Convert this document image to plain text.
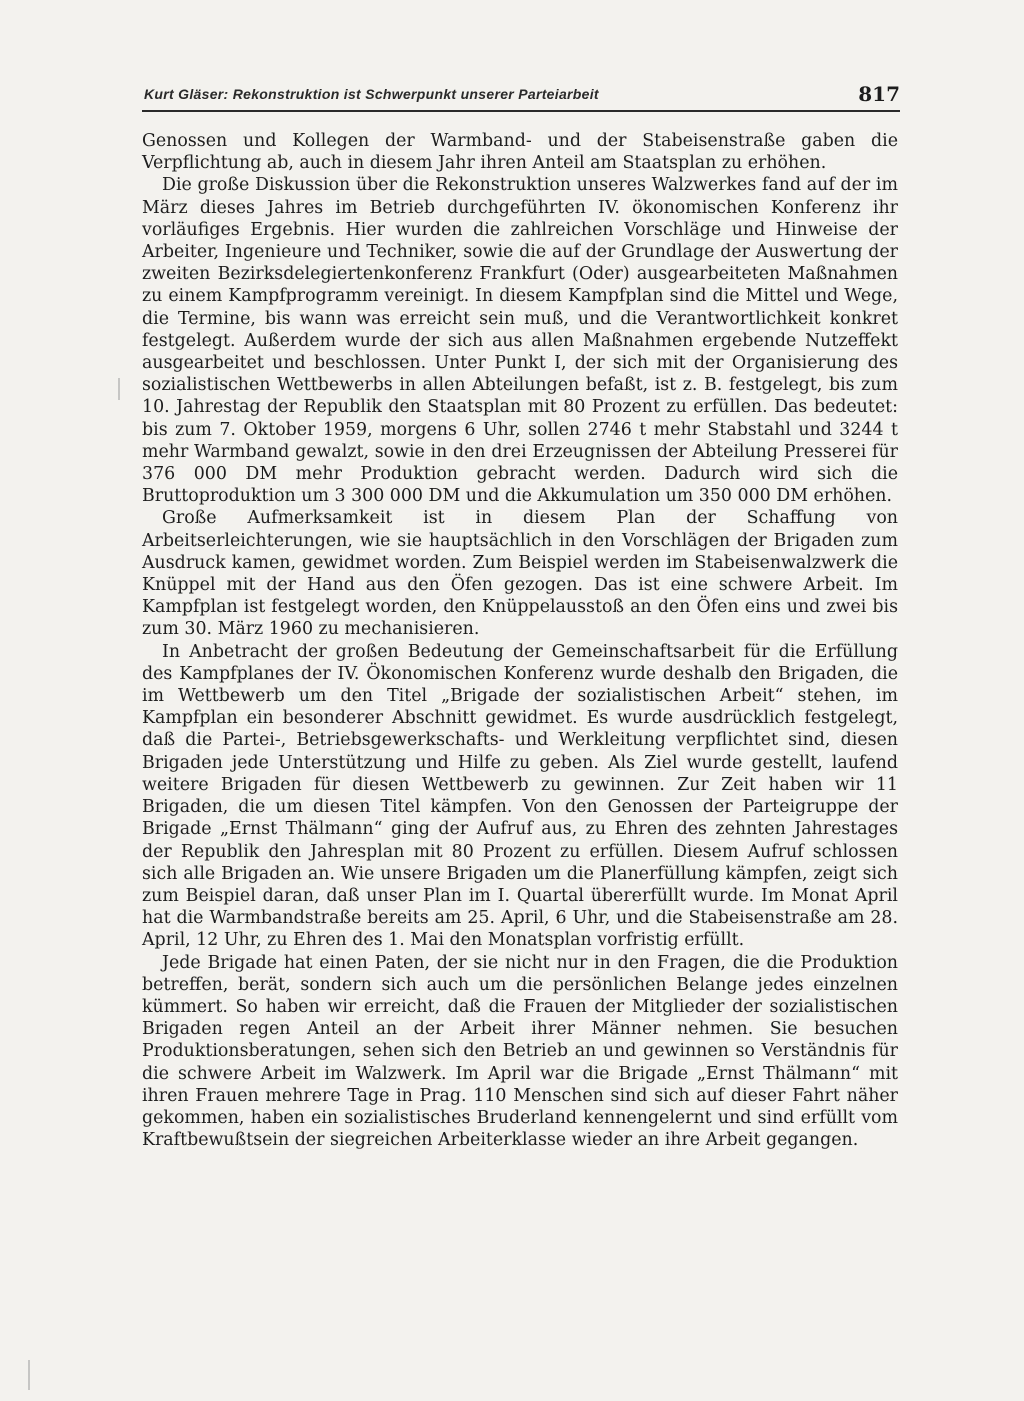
Kurt Gläser: Rekonstruktion ist Schwerpunkt unserer Parteiarbeit	817

Genossen und Kollegen der Warmband- und der Stabeisenstraße gaben die Verpflichtung ab, auch in diesem Jahr ihren Anteil am Staatsplan zu erhöhen.

Die große Diskussion über die Rekonstruktion unseres Walzwerkes fand auf der im März dieses Jahres im Betrieb durchgeführten IV. ökonomischen Konferenz ihr vorläufiges Ergebnis. Hier wurden die zahlreichen Vorschläge und Hinweise der Arbeiter, Ingenieure und Techniker, sowie die auf der Grundlage der Auswertung der zweiten Bezirksdelegiertenkonferenz Frankfurt (Oder) ausgearbeiteten Maßnahmen zu einem Kampfprogramm vereinigt. In diesem Kampfplan sind die Mittel und Wege, die Termine, bis wann was erreicht sein muß, und die Verantwortlichkeit konkret festgelegt. Außerdem wurde der sich aus allen Maßnahmen ergebende Nutzeffekt ausgearbeitet und beschlossen. Unter Punkt I, der sich mit der Organisierung des sozialistischen Wettbewerbs in allen Abteilungen befaßt, ist z. B. festgelegt, bis zum 10. Jahrestag der Republik den Staatsplan mit 80 Prozent zu erfüllen. Das bedeutet: bis zum 7. Oktober 1959, morgens 6 Uhr, sollen 2746 t mehr Stabstahl und 3244 t mehr Warmband gewalzt, sowie in den drei Erzeugnissen der Abteilung Presserei für 376 000 DM mehr Produktion gebracht werden. Dadurch wird sich die Bruttoproduktion um 3 300 000 DM und die Akkumulation um 350 000 DM erhöhen.

Große Aufmerksamkeit ist in diesem Plan der Schaffung von Arbeitserleichterungen, wie sie hauptsächlich in den Vorschlägen der Brigaden zum Ausdruck kamen, gewidmet worden. Zum Beispiel werden im Stabeisenwalzwerk die Knüppel mit der Hand aus den Öfen gezogen. Das ist eine schwere Arbeit. Im Kampfplan ist festgelegt worden, den Knüppelausstoß an den Öfen eins und zwei bis zum 30. März 1960 zu mechanisieren.

In Anbetracht der großen Bedeutung der Gemeinschaftsarbeit für die Erfüllung des Kampfplanes der IV. Ökonomischen Konferenz wurde deshalb den Brigaden, die im Wettbewerb um den Titel „Brigade der sozialistischen Arbeit“ stehen, im Kampfplan ein besonderer Abschnitt gewidmet. Es wurde ausdrücklich festgelegt, daß die Partei-, Betriebsgewerkschafts- und Werkleitung verpflichtet sind, diesen Brigaden jede Unterstützung und Hilfe zu geben. Als Ziel wurde gestellt, laufend weitere Brigaden für diesen Wettbewerb zu gewinnen. Zur Zeit haben wir 11 Brigaden, die um diesen Titel kämpfen. Von den Genossen der Parteigruppe der Brigade „Ernst Thälmann“ ging der Aufruf aus, zu Ehren des zehnten Jahrestages der Republik den Jahresplan mit 80 Prozent zu erfüllen. Diesem Aufruf schlossen sich alle Brigaden an. Wie unsere Brigaden um die Planerfüllung kämpfen, zeigt sich zum Beispiel daran, daß unser Plan im I. Quartal übererfüllt wurde. Im Monat April hat die Warmbandstraße bereits am 25. April, 6 Uhr, und die Stabeisenstraße am 28. April, 12 Uhr, zu Ehren des 1. Mai den Monatsplan vorfristig erfüllt.

Jede Brigade hat einen Paten, der sie nicht nur in den Fragen, die die Produktion betreffen, berät, sondern sich auch um die persönlichen Belange jedes einzelnen kümmert. So haben wir erreicht, daß die Frauen der Mitglieder der sozialistischen Brigaden regen Anteil an der Arbeit ihrer Männer nehmen. Sie besuchen Produktionsberatungen, sehen sich den Betrieb an und gewinnen so Verständnis für die schwere Arbeit im Walzwerk. Im April war die Brigade „Ernst Thälmann“ mit ihren Frauen mehrere Tage in Prag. 110 Menschen sind sich auf dieser Fahrt näher gekommen, haben ein sozialistisches Bruderland kennengelernt und sind erfüllt vom Kraftbewußtsein der siegreichen Arbeiterklasse wieder an ihre Arbeit gegangen.
